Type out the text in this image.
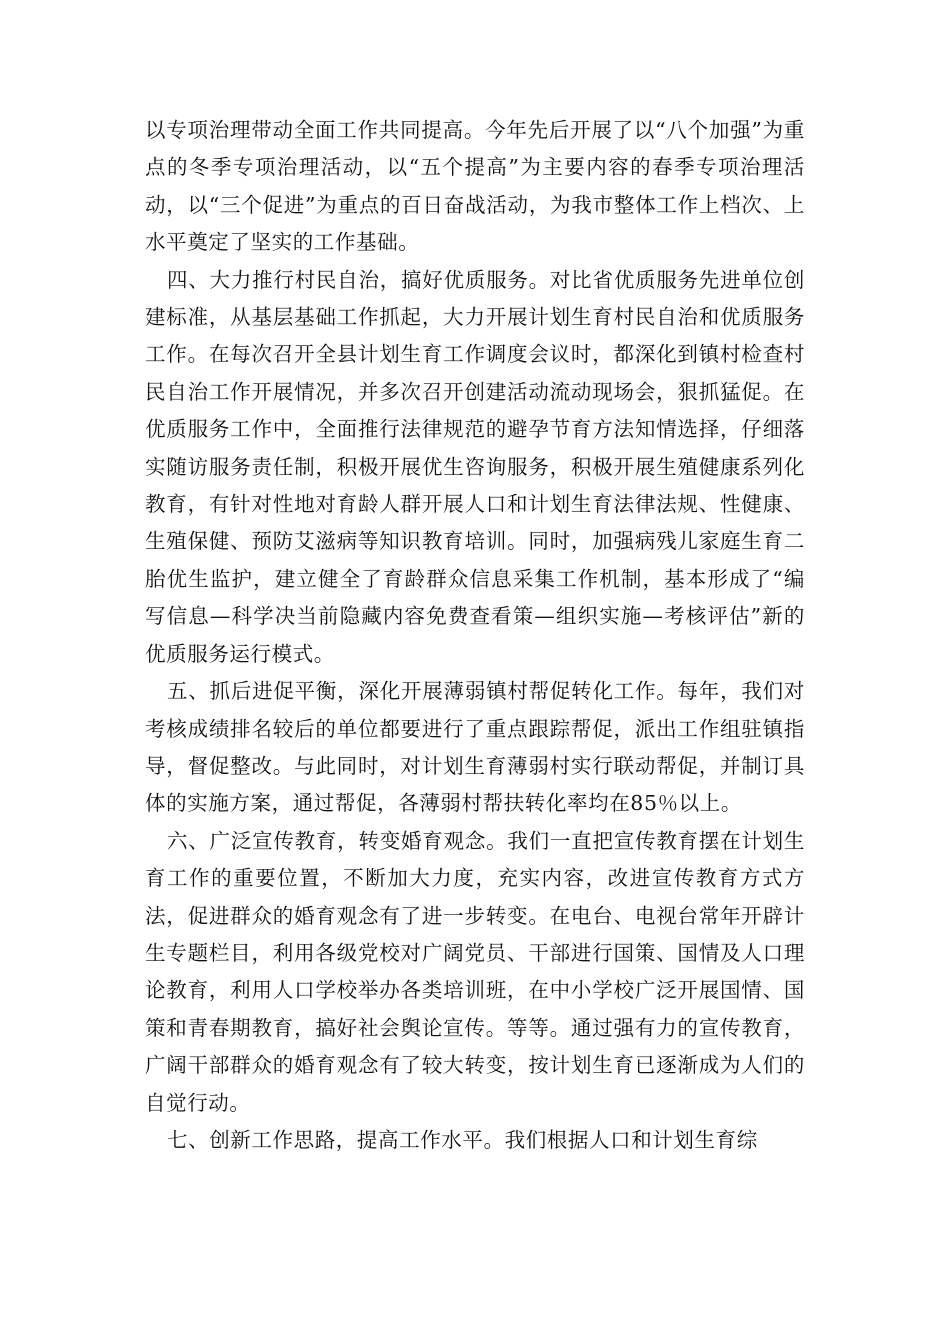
以专项治理带动全面工作共同提高。今年先后开展了以“八个加强”为重点的冬季专项治理活动，以“五个提高”为主要内容的春季专项治理活动，以“三个促进”为重点的百日奋战活动，为我市整体工作上档次、上水平奠定了坚实的工作基础。

四、大力推行村民自治，搞好优质服务。对比省优质服务先进单位创建标准，从基层基础工作抓起，大力开展计划生育村民自治和优质服务工作。在每次召开全县计划生育工作调度会议时，都深化到镇村检查村民自治工作开展情况，并多次召开创建活动流动现场会，狠抓猛促。在优质服务工作中，全面推行法律规范的避孕节育方法知情选择，仔细落实随访服务责任制，积极开展优生咨询服务，积极开展生殖健康系列化教育，有针对性地对育龄人群开展人口和计划生育法律法规、性健康、生殖保健、预防艾滋病等知识教育培训。同时，加强病残儿家庭生育二胎优生监护，建立健全了育龄群众信息采集工作机制，基本形成了“编写信息—科学决当前隐藏内容免费查看策—组织实施—考核评估”新的优质服务运行模式。

五、抓后进促平衡，深化开展薄弱镇村帮促转化工作。每年，我们对考核成绩排名较后的单位都要进行了重点跟踪帮促，派出工作组驻镇指导，督促整改。与此同时，对计划生育薄弱村实行联动帮促，并制订具体的实施方案，通过帮促，各薄弱村帮扶转化率均在85％以上。

六、广泛宣传教育，转变婚育观念。我们一直把宣传教育摆在计划生育工作的重要位置，不断加大力度，充实内容，改进宣传教育方式方法，促进群众的婚育观念有了进一步转变。在电台、电视台常年开辟计生专题栏目，利用各级党校对广阔党员、干部进行国策、国情及人口理论教育，利用人口学校举办各类培训班，在中小学校广泛开展国情、国策和青春期教育，搞好社会舆论宣传。等等。通过强有力的宣传教育，广阔干部群众的婚育观念有了较大转变，按计划生育已逐渐成为人们的自觉行动。

七、创新工作思路，提高工作水平。我们根据人口和计划生育综
